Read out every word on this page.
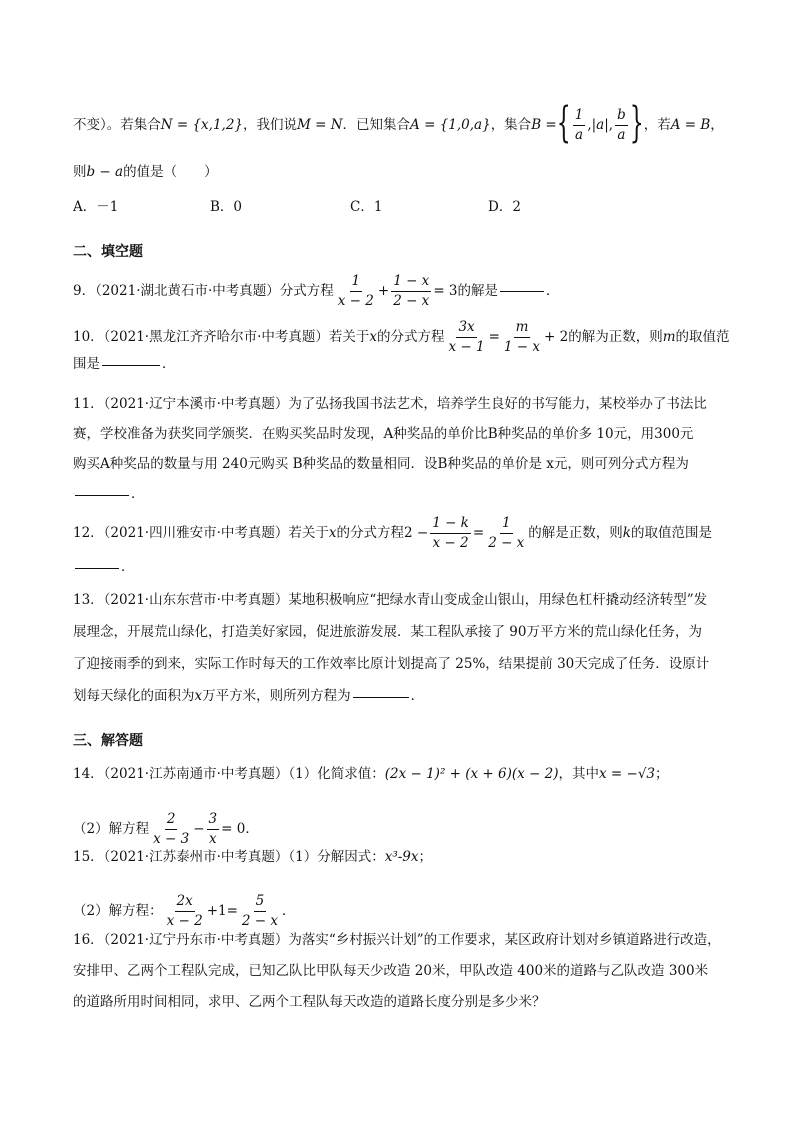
不变）。若集合 N = {x,1,2} ，我们说 M = N ．已知集合 A = {1,0,a} ，集合 B = { $\frac{1}{a}$ , |a| , $\frac{b}{a}$ } ，若 A = B ，
则 b − a 的值是（　　）
A．－1	B．0	C．1	D．2
二、填空题
9．（2021·湖北黄石市·中考真题）分式方程 $\frac{1}{x - 2} + \frac{1 - x}{2 - x} = 3$ 的解是	．
10．（2021·黑龙江齐齐哈尔市·中考真题）若关于 x 的分式方程 $\frac{3x}{x - 1} = \frac{m}{1 - x} + 2$ 的解为正数，则 m 的取值范
围是	．
11．（2021·辽宁本溪市·中考真题）为了弘扬我国书法艺术，培养学生良好的书写能力，某校举办了书法比
赛，学校准备为获奖同学颁奖．在购买奖品时发现，A种奖品的单价比B种奖品的单价多 10元，用300元
购买A种奖品的数量与用 240元购买 B种奖品的数量相同．设B种奖品的单价是 x元，则可列分式方程为
．
12．（2021·四川雅安市·中考真题）若关于 x 的分式方程 $2 - \frac{1 - k}{x - 2} = \frac{1}{2 - x}$ 的解是正数，则 k 的取值范围是
．
13．（2021·山东东营市·中考真题）某地积极响应“把绿水青山变成金山银山，用绿色杠杆撬动经济转型”发
展理念，开展荒山绿化，打造美好家园，促进旅游发展．某工程队承接了 90万平方米的荒山绿化任务，为
了迎接雨季的到来，实际工作时每天的工作效率比原计划提高了 25%，结果提前 30天完成了任务．设原计
划每天绿化的面积为 x 万平方米，则所列方程为	．
三、解答题
14．（2021·江苏南通市·中考真题）（1）化简求值： (2x − 1)² + (x + 6)(x − 2) ，其中 x = −√3 ；
（2）解方程 $\frac{2}{x - 3} - \frac{3}{x} = 0$ ．
15．（2021·江苏泰州市·中考真题）（1）分解因式： x³-9x ；
（2）解方程： $\frac{2x}{x - 2} +1= \frac{5}{2 - x}$ ．
16．（2021·辽宁丹东市·中考真题）为落实“乡村振兴计划”的工作要求，某区政府计划对乡镇道路进行改造，
安排甲、乙两个工程队完成，已知乙队比甲队每天少改造 20米，甲队改造 400米的道路与乙队改造 300米
的道路所用时间相同，求甲、乙两个工程队每天改造的道路长度分别是多少米？
